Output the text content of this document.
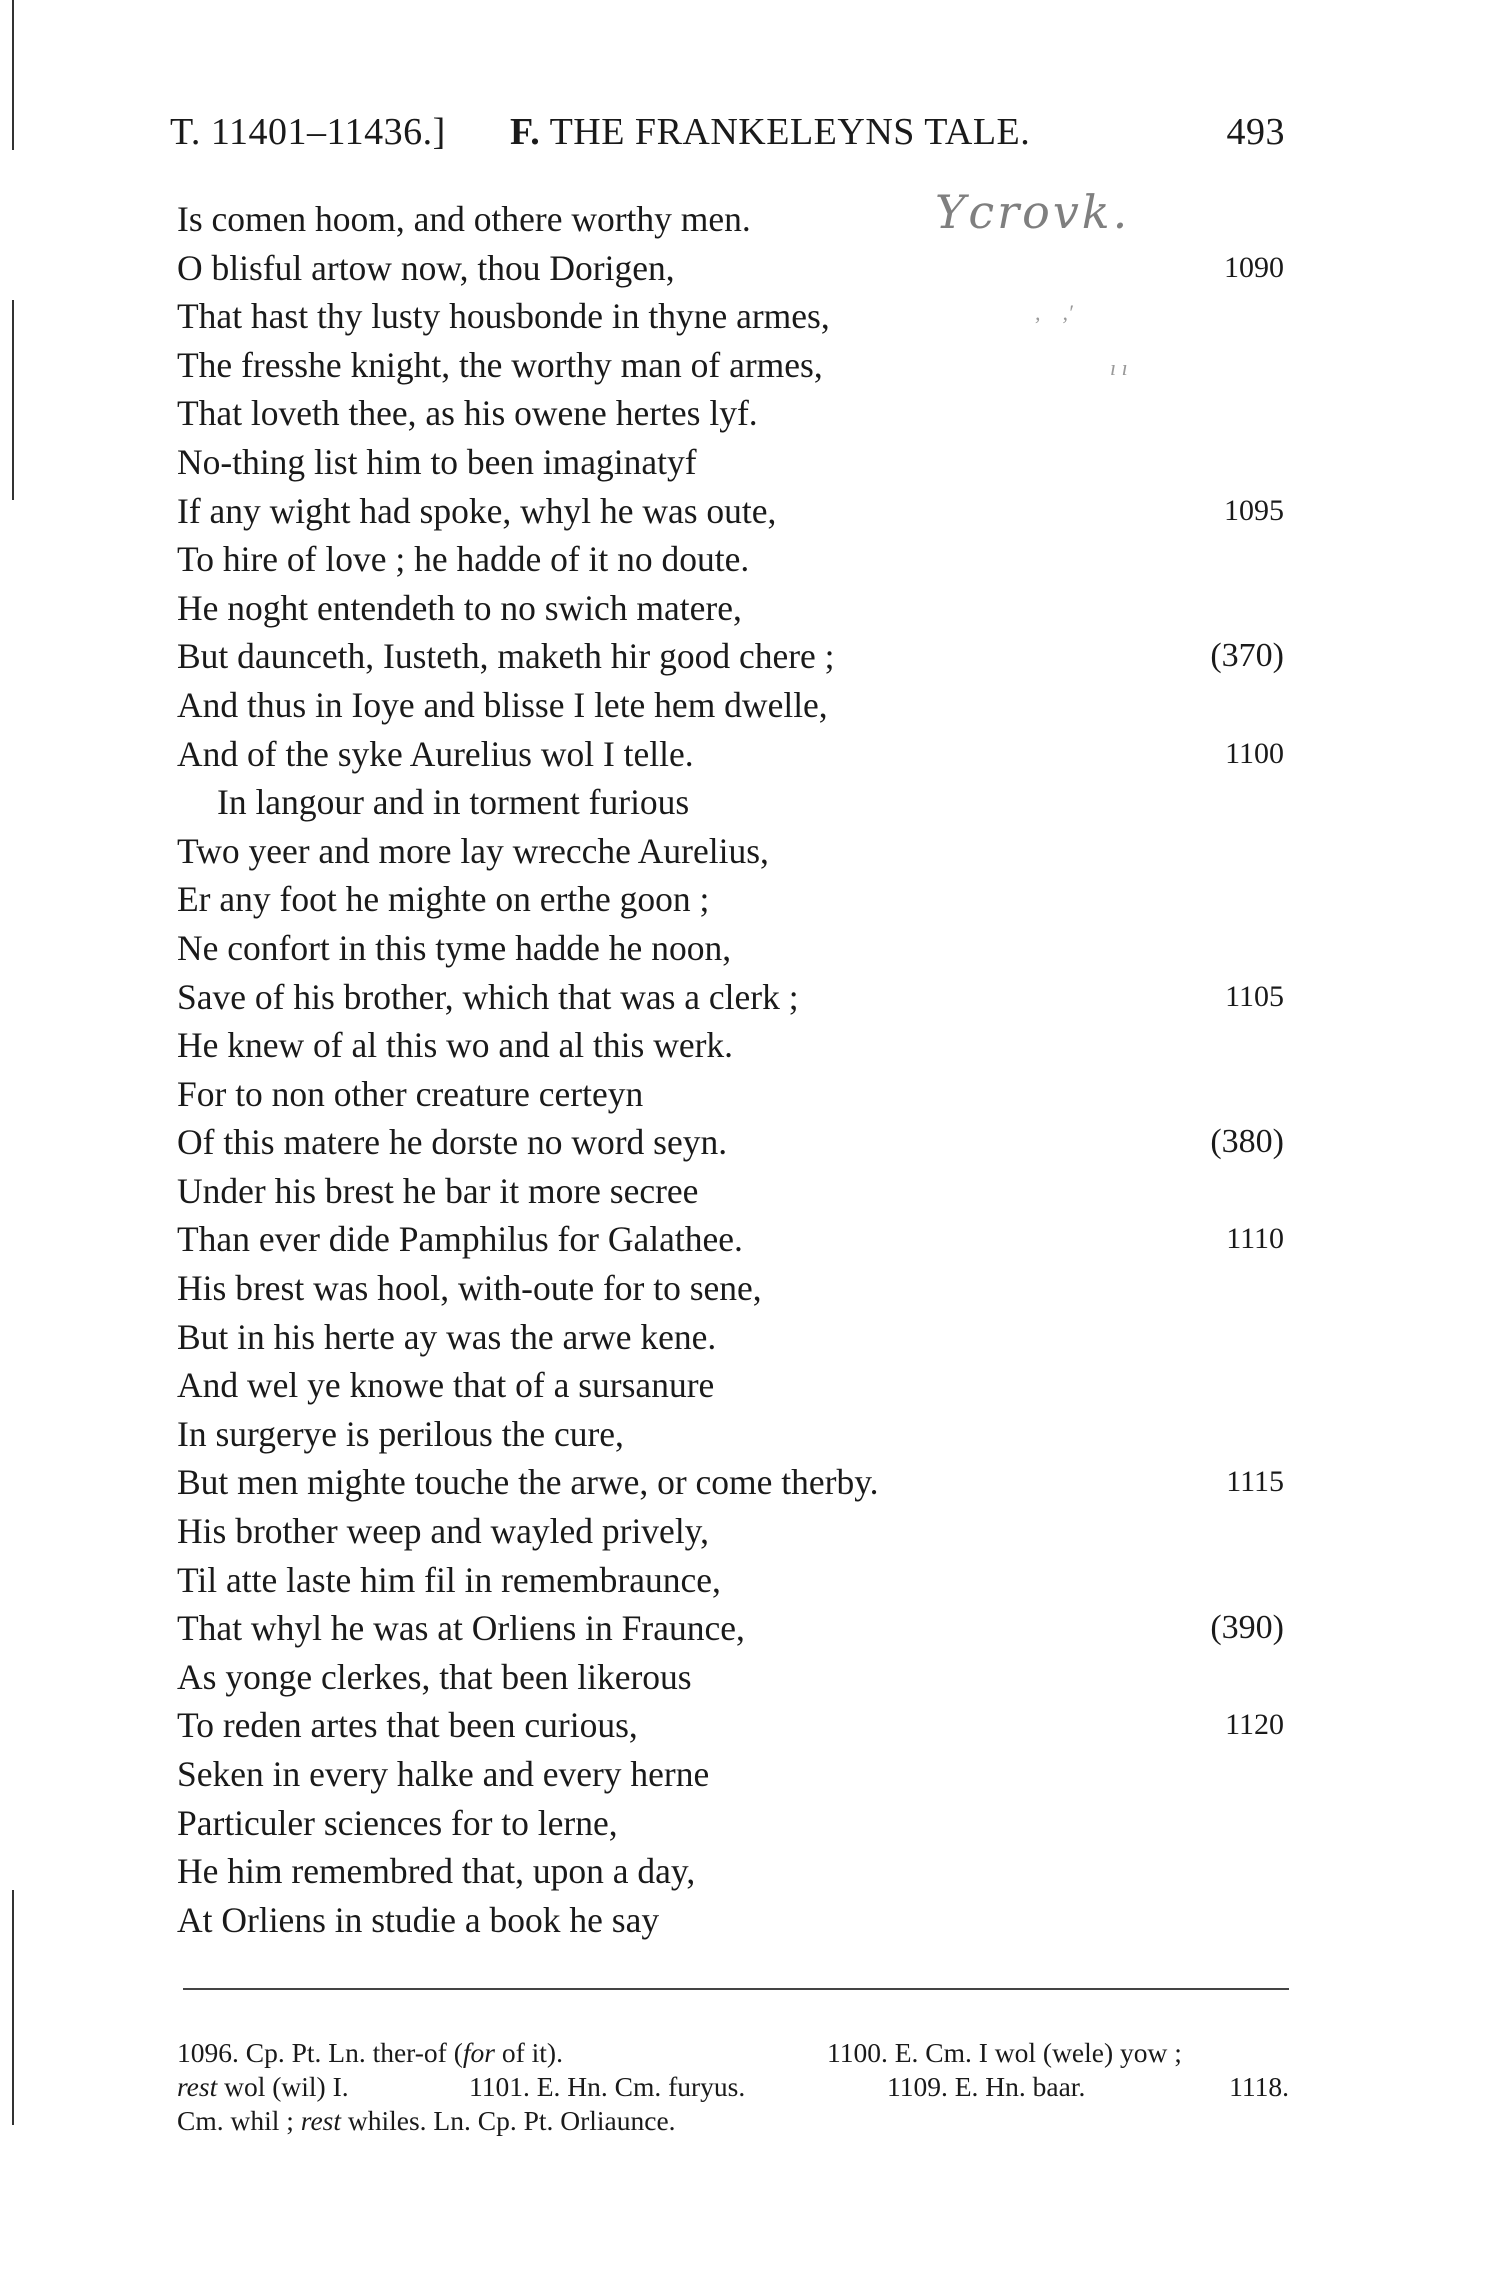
T. 11401–11436.] F. THE FRANKELEYNS TALE.	493
Ycrovk.
,    ,′
ı ı
Is comen hoom, and othere worthy men.
O blisful artow now, thou Dorigen,	1090
That hast thy lusty housbonde in thyne armes,
The fresshe knight, the worthy man of armes,
That loveth thee, as his owene hertes lyf.
No-thing list him to been imaginatyf
If any wight had spoke, whyl he was oute,	1095
To hire of love ; he hadde of it no doute.
He noght entendeth to no swich matere,
But daunceth, Iusteth, maketh hir good chere ;	(370)
And thus in Ioye and blisse I lete hem dwelle,
And of the syke Aurelius wol I telle.	1100
In langour and in torment furious
Two yeer and more lay wrecche Aurelius,
Er any foot he mighte on erthe goon ;
Ne confort in this tyme hadde he noon,
Save of his brother, which that was a clerk ;	1105
He knew of al this wo and al this werk.
For to non other creature certeyn
Of this matere he dorste no word seyn.	(380)
Under his brest he bar it more secree
Than ever dide Pamphilus for Galathee.	1110
His brest was hool, with-oute for to sene,
But in his herte ay was the arwe kene.
And wel ye knowe that of a sursanure
In surgerye is perilous the cure,
But men mighte touche the arwe, or come therby.	1115
His brother weep and wayled prively,
Til atte laste him fil in remembraunce,
That whyl he was at Orliens in Fraunce,	(390)
As yonge clerkes, that been likerous
To reden artes that been curious,	1120
Seken in every halke and every herne
Particuler sciences for to lerne,
He him remembred that, upon a day,
At Orliens in studie a book he say
1096. Cp. Pt. Ln. ther-of (for of it).	1100. E. Cm. I wol (wele) yow ;
rest wol (wil) I.	1101. E. Hn. Cm. furyus.	1109. E. Hn. baar.	1118.
Cm. whil ; rest whiles. Ln. Cp. Pt. Orliaunce.
